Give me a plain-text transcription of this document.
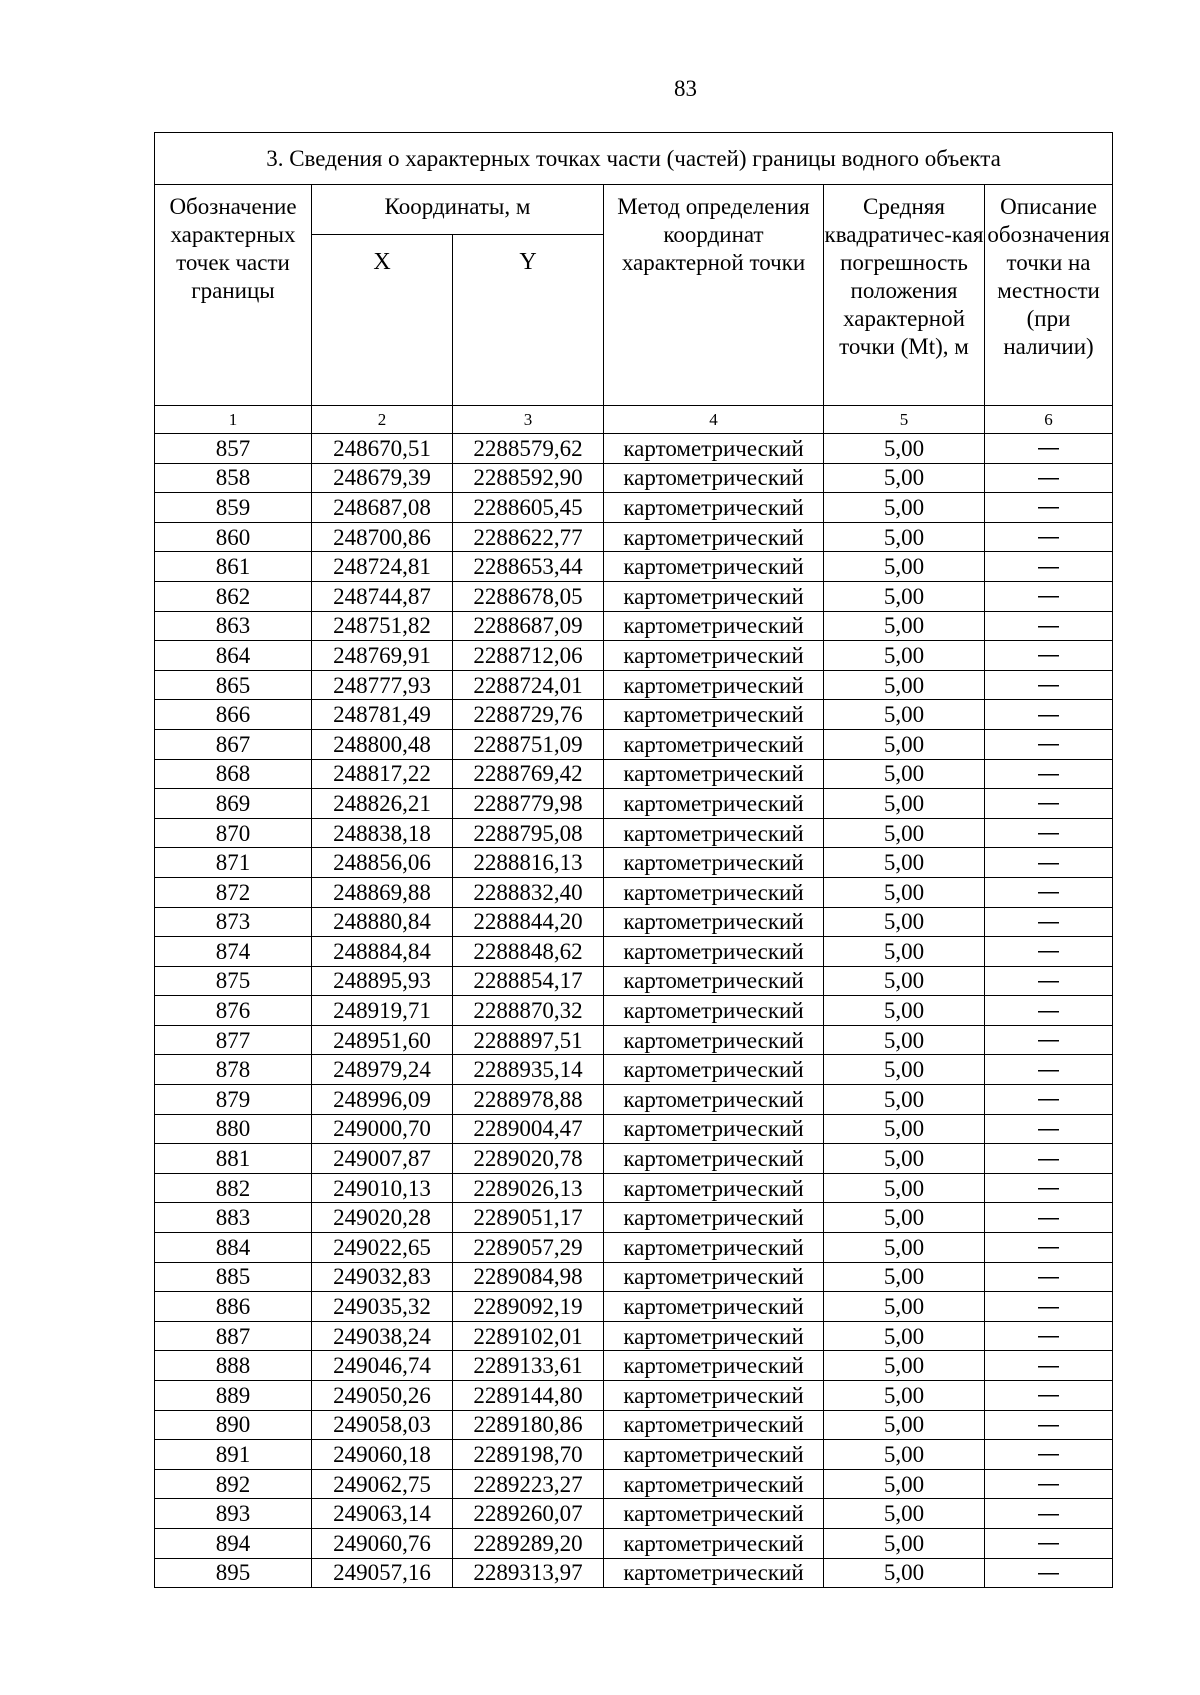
83
3. Сведения о характерных точках части (частей) границы водного объекта					
Обозначение характерных точек части границы	Координаты, м		Метод определения координат характерной точки	Средняя квадратичес-кая погрешность положения характерной точки (Mt), м	Описание обозначения точки на местности (при наличии)
	X	Y			
1	2	3	4	5	6
857	248670,51	2288579,62	картометрический	5,00	—
858	248679,39	2288592,90	картометрический	5,00	—
859	248687,08	2288605,45	картометрический	5,00	—
860	248700,86	2288622,77	картометрический	5,00	—
861	248724,81	2288653,44	картометрический	5,00	—
862	248744,87	2288678,05	картометрический	5,00	—
863	248751,82	2288687,09	картометрический	5,00	—
864	248769,91	2288712,06	картометрический	5,00	—
865	248777,93	2288724,01	картометрический	5,00	—
866	248781,49	2288729,76	картометрический	5,00	—
867	248800,48	2288751,09	картометрический	5,00	—
868	248817,22	2288769,42	картометрический	5,00	—
869	248826,21	2288779,98	картометрический	5,00	—
870	248838,18	2288795,08	картометрический	5,00	—
871	248856,06	2288816,13	картометрический	5,00	—
872	248869,88	2288832,40	картометрический	5,00	—
873	248880,84	2288844,20	картометрический	5,00	—
874	248884,84	2288848,62	картометрический	5,00	—
875	248895,93	2288854,17	картометрический	5,00	—
876	248919,71	2288870,32	картометрический	5,00	—
877	248951,60	2288897,51	картометрический	5,00	—
878	248979,24	2288935,14	картометрический	5,00	—
879	248996,09	2288978,88	картометрический	5,00	—
880	249000,70	2289004,47	картометрический	5,00	—
881	249007,87	2289020,78	картометрический	5,00	—
882	249010,13	2289026,13	картометрический	5,00	—
883	249020,28	2289051,17	картометрический	5,00	—
884	249022,65	2289057,29	картометрический	5,00	—
885	249032,83	2289084,98	картометрический	5,00	—
886	249035,32	2289092,19	картометрический	5,00	—
887	249038,24	2289102,01	картометрический	5,00	—
888	249046,74	2289133,61	картометрический	5,00	—
889	249050,26	2289144,80	картометрический	5,00	—
890	249058,03	2289180,86	картометрический	5,00	—
891	249060,18	2289198,70	картометрический	5,00	—
892	249062,75	2289223,27	картометрический	5,00	—
893	249063,14	2289260,07	картометрический	5,00	—
894	249060,76	2289289,20	картометрический	5,00	—
895	249057,16	2289313,97	картометрический	5,00	—
